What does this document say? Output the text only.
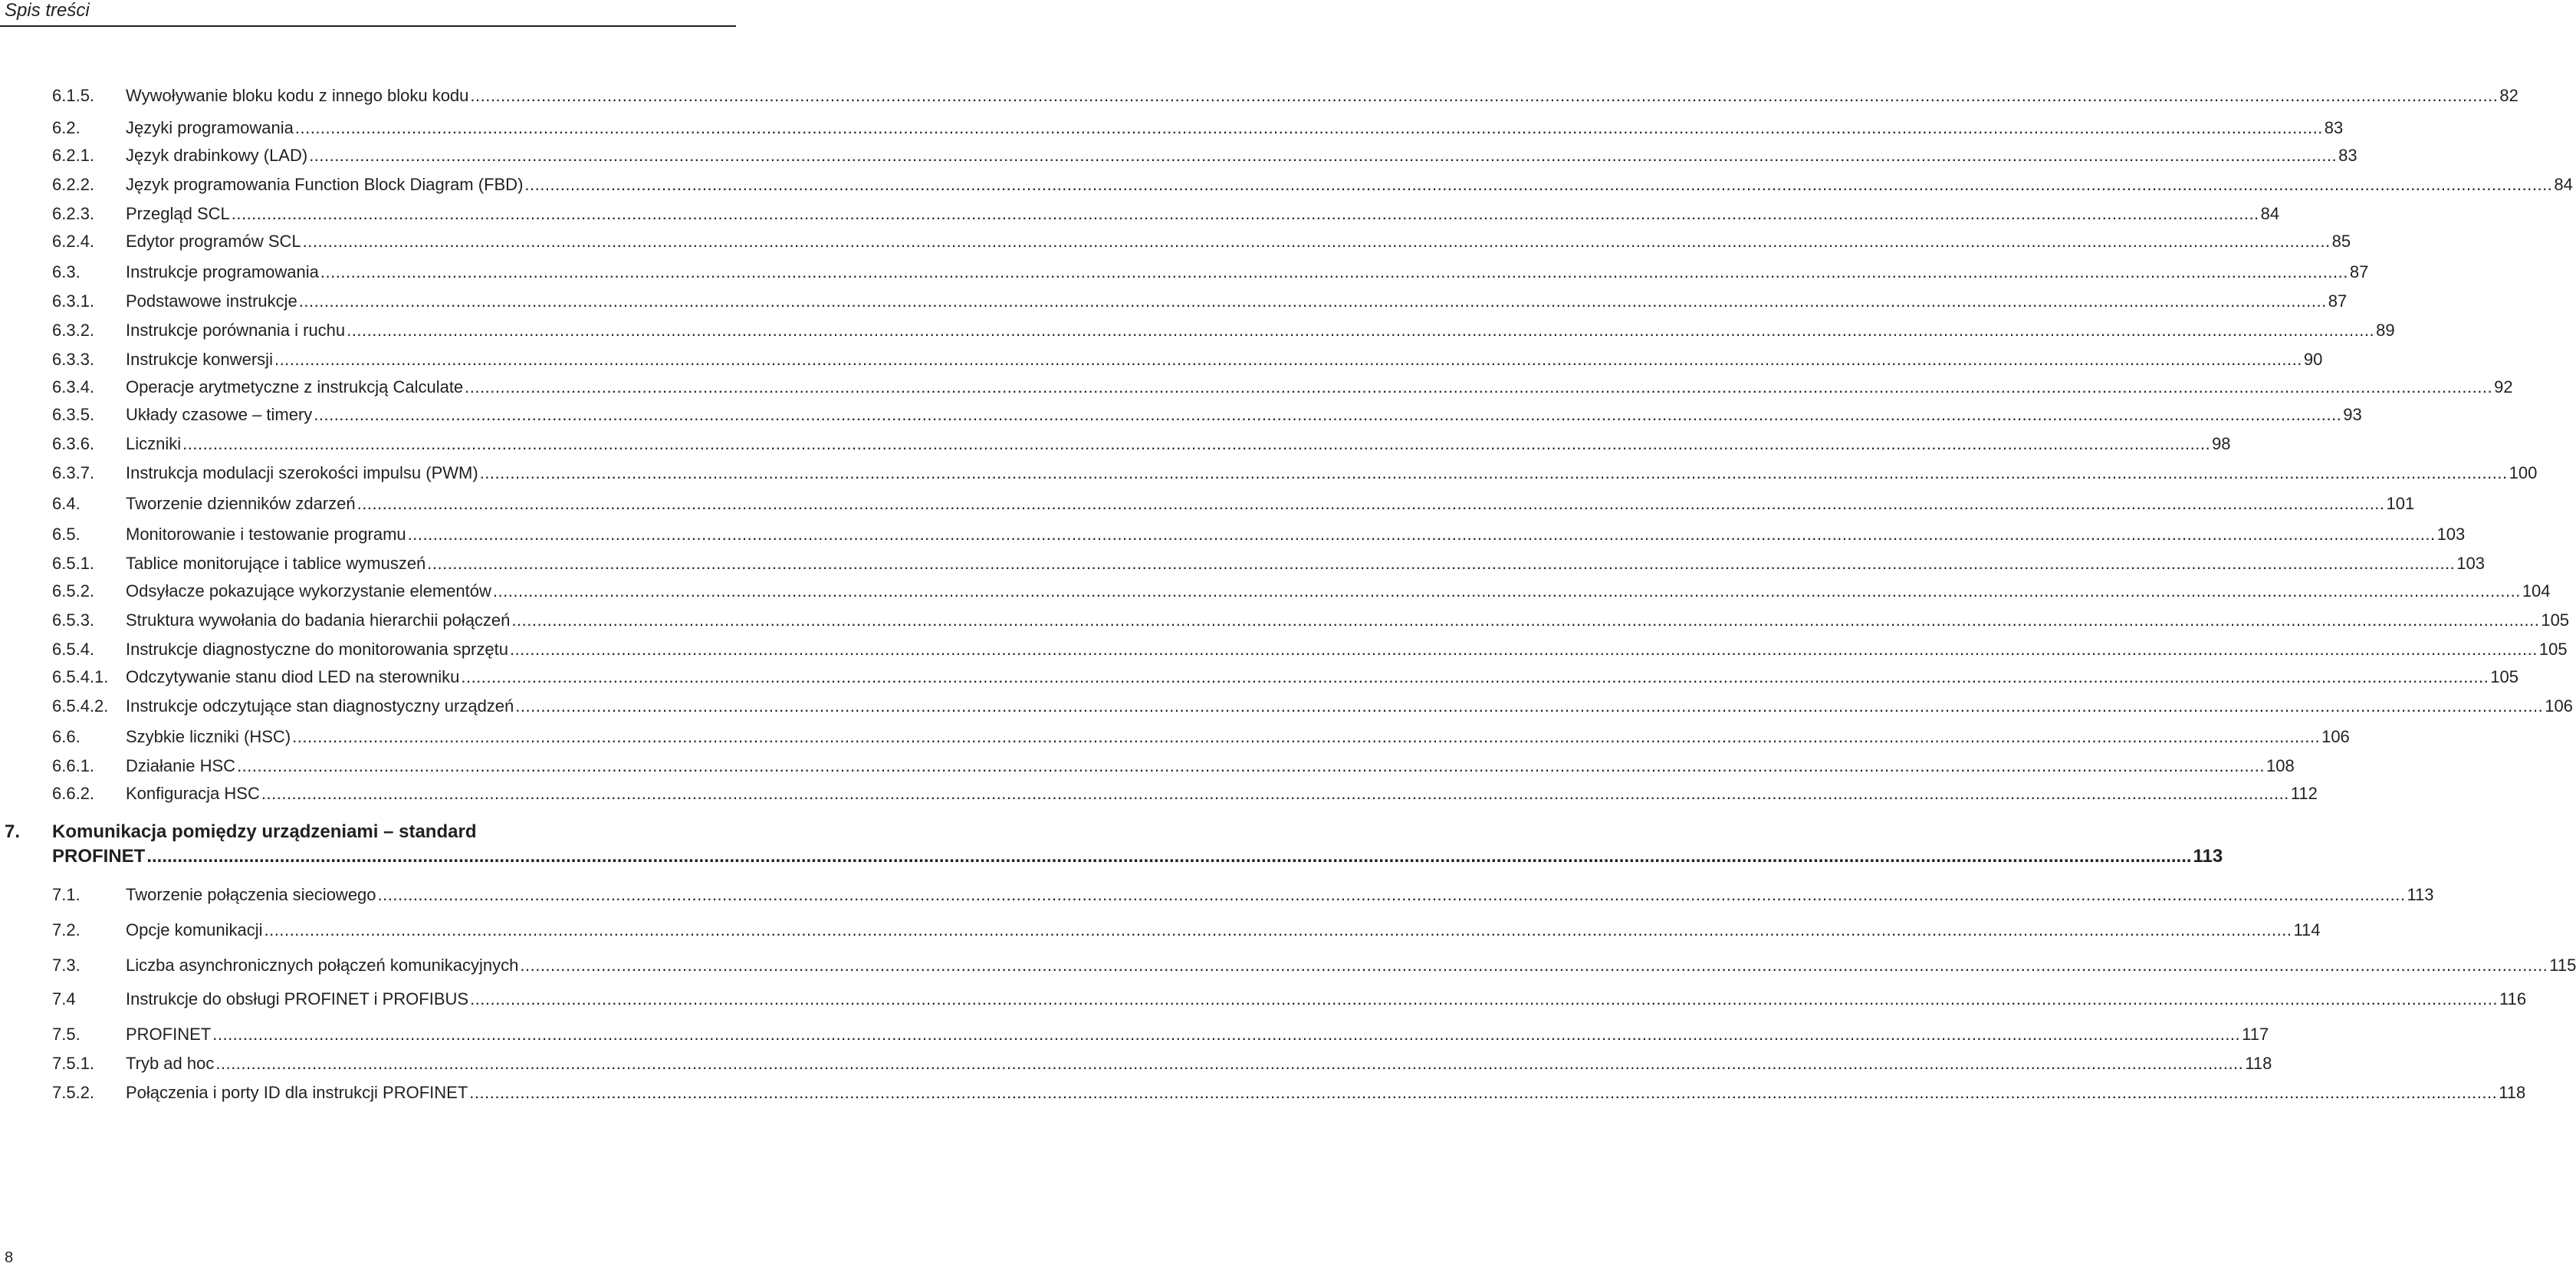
Spis treści
6.1.5. Wywoływanie bloku kodu z innego bloku kodu ................................................................................................................................................................................................................................................................................................................................................................................................................ 82
6.2.	Języki programowania ................................................................................................................................................................................................................................................................................................................................................................................................................ 83
6.2.1. Język drabinkowy (LAD) ................................................................................................................................................................................................................................................................................................................................................................................................................ 83
6.2.2. Język programowania Function Block Diagram (FBD) ................................................................................................................................................................................................................................................................................................................................................................................................................ 84
6.2.3. Przegląd SCL ................................................................................................................................................................................................................................................................................................................................................................................................................ 84
6.2.4. Edytor programów SCL ................................................................................................................................................................................................................................................................................................................................................................................................................ 85
6.3.	Instrukcje programowania ................................................................................................................................................................................................................................................................................................................................................................................................................ 87
6.3.1. Podstawowe instrukcje ................................................................................................................................................................................................................................................................................................................................................................................................................ 87
6.3.2. Instrukcje porównania i ruchu ................................................................................................................................................................................................................................................................................................................................................................................................................ 89
6.3.3. Instrukcje konwersji ................................................................................................................................................................................................................................................................................................................................................................................................................ 90
6.3.4. Operacje arytmetyczne z instrukcją Calculate ................................................................................................................................................................................................................................................................................................................................................................................................................ 92
6.3.5. Układy czasowe – timery ................................................................................................................................................................................................................................................................................................................................................................................................................ 93
6.3.6. Liczniki ................................................................................................................................................................................................................................................................................................................................................................................................................ 98
6.3.7. Instrukcja modulacji szerokości impulsu (PWM) ................................................................................................................................................................................................................................................................................................................................................................................................................ 100
6.4.	Tworzenie dzienników zdarzeń ................................................................................................................................................................................................................................................................................................................................................................................................................ 101
6.5.	Monitorowanie i testowanie programu ................................................................................................................................................................................................................................................................................................................................................................................................................ 103
6.5.1. Tablice monitorujące i tablice wymuszeń ................................................................................................................................................................................................................................................................................................................................................................................................................ 103
6.5.2. Odsyłacze pokazujące wykorzystanie elementów ................................................................................................................................................................................................................................................................................................................................................................................................................ 104
6.5.3. Struktura wywołania do badania hierarchii połączeń ................................................................................................................................................................................................................................................................................................................................................................................................................ 105
6.5.4. Instrukcje diagnostyczne do monitorowania sprzętu ................................................................................................................................................................................................................................................................................................................................................................................................................ 105
6.5.4.1. Odczytywanie stanu diod LED na sterowniku ................................................................................................................................................................................................................................................................................................................................................................................................................ 105
6.5.4.2. Instrukcje odczytujące stan diagnostyczny urządzeń ................................................................................................................................................................................................................................................................................................................................................................................................................ 106
6.6.	Szybkie liczniki (HSC) ................................................................................................................................................................................................................................................................................................................................................................................................................ 106
6.6.1. Działanie HSC ................................................................................................................................................................................................................................................................................................................................................................................................................ 108
6.6.2. Konfiguracja HSC ................................................................................................................................................................................................................................................................................................................................................................................................................ 112
7. Komunikacja pomiędzy urządzeniami – standard
PROFINET ................................................................................................................................................................................................................................................................................................................................................................................................................ 113
7.1.	Tworzenie połączenia sieciowego ................................................................................................................................................................................................................................................................................................................................................................................................................ 113
7.2.	Opcje komunikacji ................................................................................................................................................................................................................................................................................................................................................................................................................ 114
7.3.	Liczba asynchronicznych połączeń komunikacyjnych ................................................................................................................................................................................................................................................................................................................................................................................................................ 115
7.4	Instrukcje do obsługi PROFINET i PROFIBUS ................................................................................................................................................................................................................................................................................................................................................................................................................ 116
7.5.	PROFINET ................................................................................................................................................................................................................................................................................................................................................................................................................ 117
7.5.1. Tryb ad hoc ................................................................................................................................................................................................................................................................................................................................................................................................................ 118
7.5.2. Połączenia i porty ID dla instrukcji PROFINET ................................................................................................................................................................................................................................................................................................................................................................................................................ 118
8
